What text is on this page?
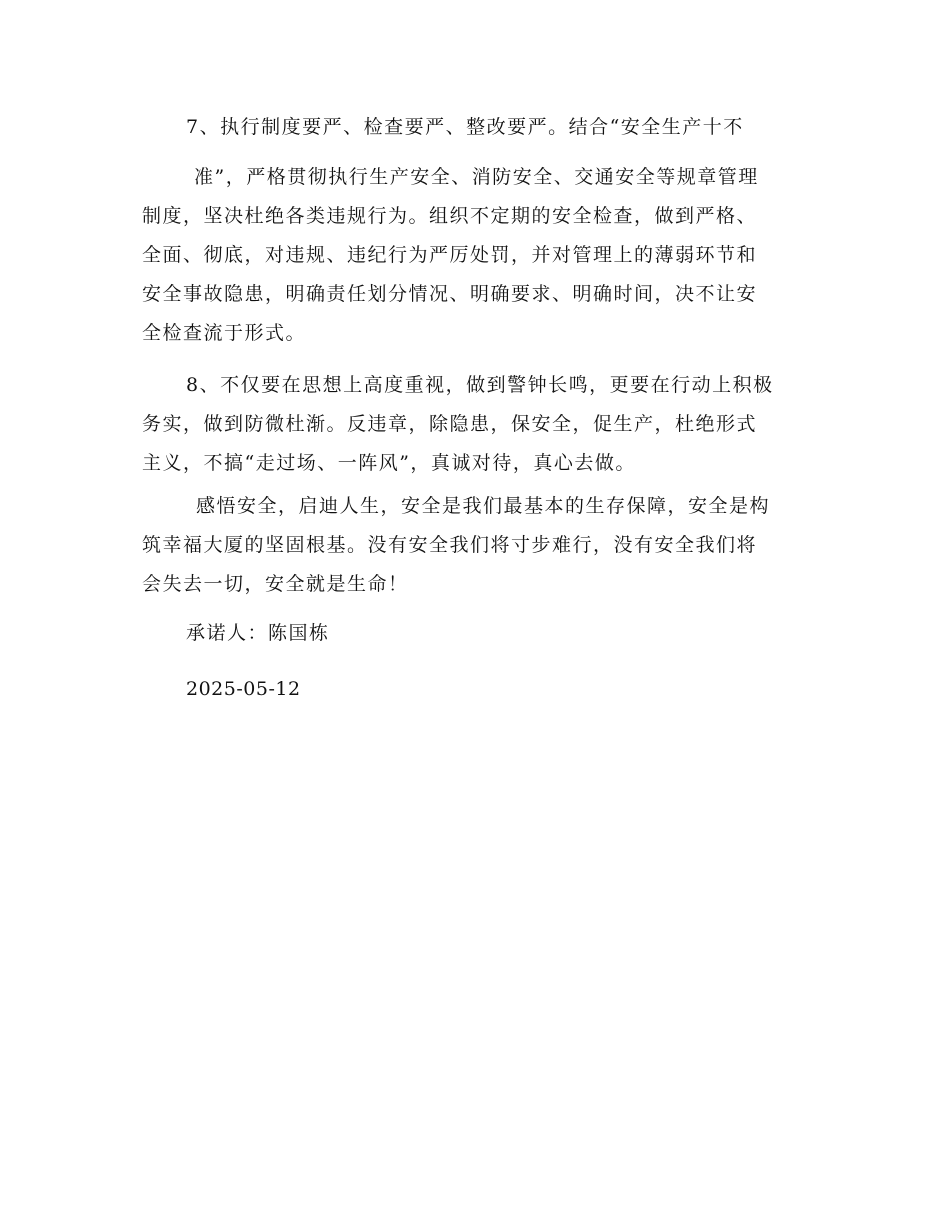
7、执行制度要严、检查要严、整改要严。结合“安全生产十不
准”，严格贯彻执行生产安全、消防安全、交通安全等规章管理
制度，坚决杜绝各类违规行为。组织不定期的安全检查，做到严格、
全面、彻底，对违规、违纪行为严厉处罚，并对管理上的薄弱环节和
安全事故隐患，明确责任划分情况、明确要求、明确时间，决不让安
全检查流于形式。

8、不仅要在思想上高度重视，做到警钟长鸣，更要在行动上积极
务实，做到防微杜渐。反违章，除隐患，保安全，促生产，杜绝形式
主义，不搞“走过场、一阵风”，真诚对待，真心去做。

感悟安全，启迪人生，安全是我们最基本的生存保障，安全是构
筑幸福大厦的坚固根基。没有安全我们将寸步难行，没有安全我们将
会失去一切，安全就是生命！

承诺人：陈国栋
2025-05-12
